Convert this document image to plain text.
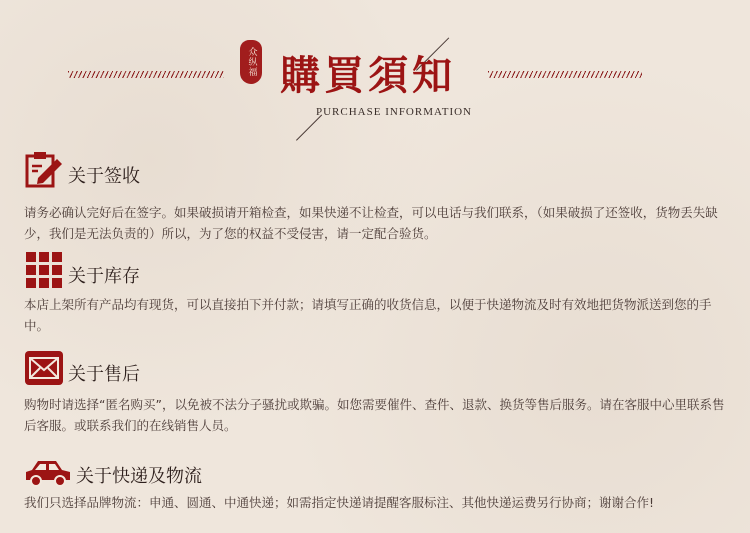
众纵福 購買須知
PURCHASE INFORMATION
关于签收
请务必确认完好后在签字。如果破损请开箱检查，如果快递不让检查，可以电话与我们联系，（如果破损了还签收，货物丢失缺少，我们是无法负责的）所以，为了您的权益不受侵害，请一定配合验货。
关于库存
本店上架所有产品均有现货，可以直接拍下并付款；请填写正确的收货信息，以便于快递物流及时有效地把货物派送到您的手中。
关于售后
购物时请选择“匿名购买”，以免被不法分子骚扰或欺骗。如您需要催件、查件、退款、换货等售后服务。请在客服中心里联系售后客服。或联系我们的在线销售人员。
关于快递及物流
我们只选择品牌物流：申通、圆通、中通快递；如需指定快递请提醒客服标注、其他快递运费另行协商；谢谢合作!
